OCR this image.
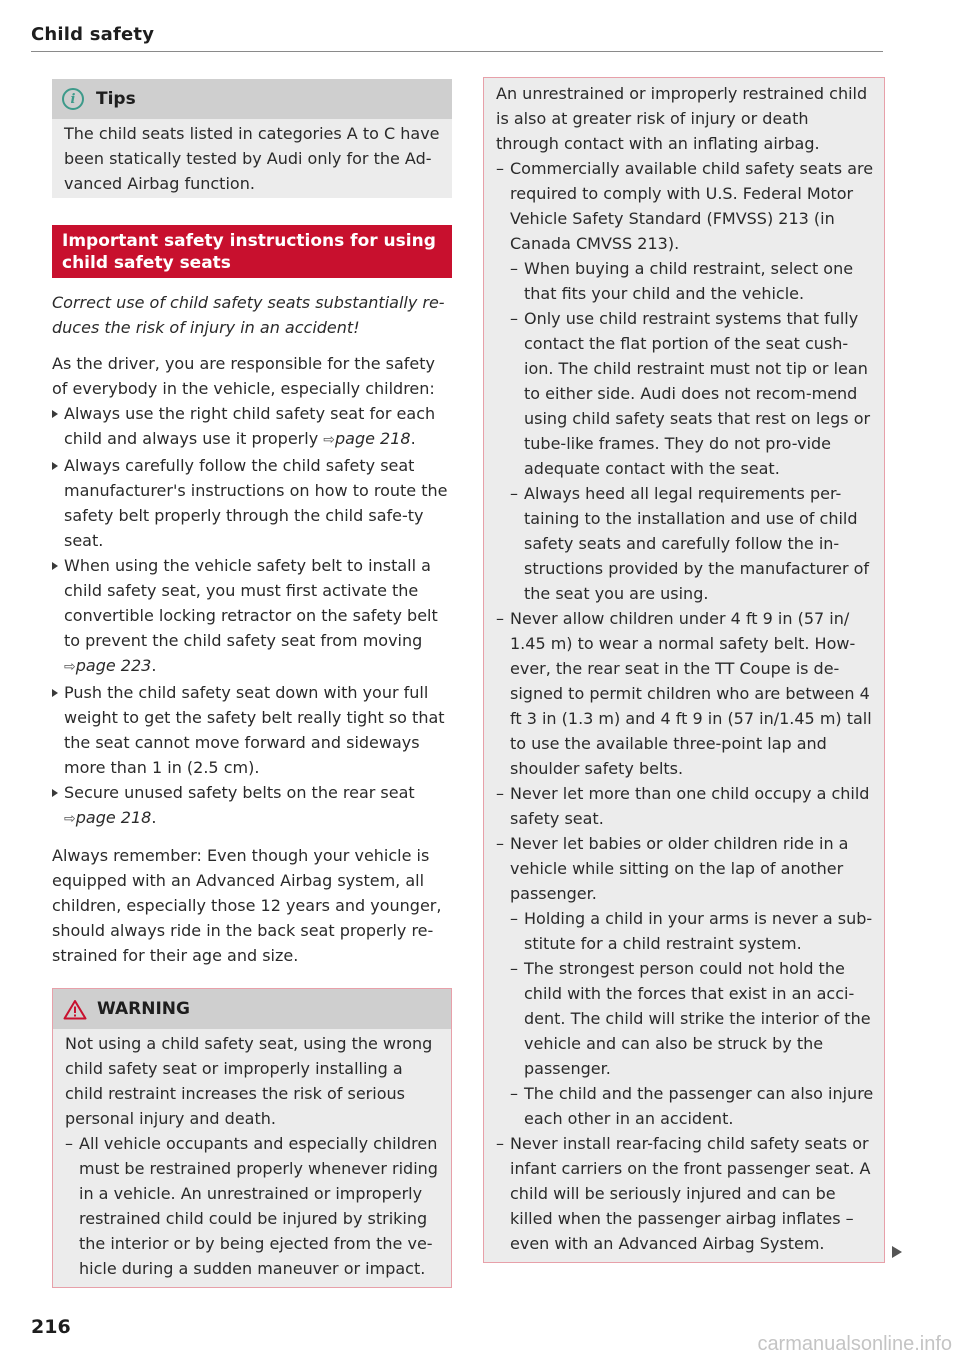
Child safety
i	Tips

The child seats listed in categories A to C have been statically tested by Audi only for the Ad-vanced Airbag function.

Important safety instructions for using child safety seats

Correct use of child safety seats substantially re-duces the risk of injury in an accident!

As the driver, you are responsible for the safety of everybody in the vehicle, especially children:

Always use the right child safety seat for each child and always use it properly ⇨page 218.
Always carefully follow the child safety seat manufacturer's instructions on how to route the safety belt properly through the child safe-ty seat.
When using the vehicle safety belt to install a child safety seat, you must first activate the convertible locking retractor on the safety belt to prevent the child safety seat from moving ⇨page 223.
Push the child safety seat down with your full weight to get the safety belt really tight so that the seat cannot move forward and sideways more than 1 in (2.5 cm).
Secure unused safety belts on the rear seat ⇨page 218.

Always remember: Even though your vehicle is equipped with an Advanced Airbag system, all children, especially those 12 years and younger, should always ride in the back seat properly re-strained for their age and size.

WARNING

Not using a child safety seat, using the wrong child safety seat or improperly installing a child restraint increases the risk of serious personal injury and death.

– All vehicle occupants and especially children must be restrained properly whenever riding in a vehicle. An unrestrained or improperly restrained child could be injured by striking the interior or by being ejected from the ve-hicle during a sudden maneuver or impact.

An unrestrained or improperly restrained child is also at greater risk of injury or death through contact with an inflating airbag.

– Commercially available child safety seats are required to comply with U.S. Federal Motor Vehicle Safety Standard (FMVSS) 213 (in Canada CMVSS 213).
– When buying a child restraint, select one that fits your child and the vehicle.
– Only use child restraint systems that fully contact the flat portion of the seat cush-ion. The child restraint must not tip or lean to either side. Audi does not recom-mend using child safety seats that rest on legs or tube-like frames. They do not pro-vide adequate contact with the seat.
– Always heed all legal requirements per-taining to the installation and use of child safety seats and carefully follow the in-structions provided by the manufacturer of the seat you are using.
– Never allow children under 4 ft 9 in (57 in/ 1.45 m) to wear a normal safety belt. How-ever, the rear seat in the TT Coupe is de-signed to permit children who are between 4 ft 3 in (1.3 m) and 4 ft 9 in (57 in/1.45 m) tall to use the available three-point lap and shoulder safety belts.
– Never let more than one child occupy a child safety seat.
– Never let babies or older children ride in a vehicle while sitting on the lap of another passenger.
– Holding a child in your arms is never a sub-stitute for a child restraint system.
– The strongest person could not hold the child with the forces that exist in an acci-dent. The child will strike the interior of the vehicle and can also be struck by the passenger.
– The child and the passenger can also injure each other in an accident.
– Never install rear-facing child safety seats or infant carriers on the front passenger seat. A child will be seriously injured and can be killed when the passenger airbag inflates – even with an Advanced Airbag System.
216
carmanualsonline.info
